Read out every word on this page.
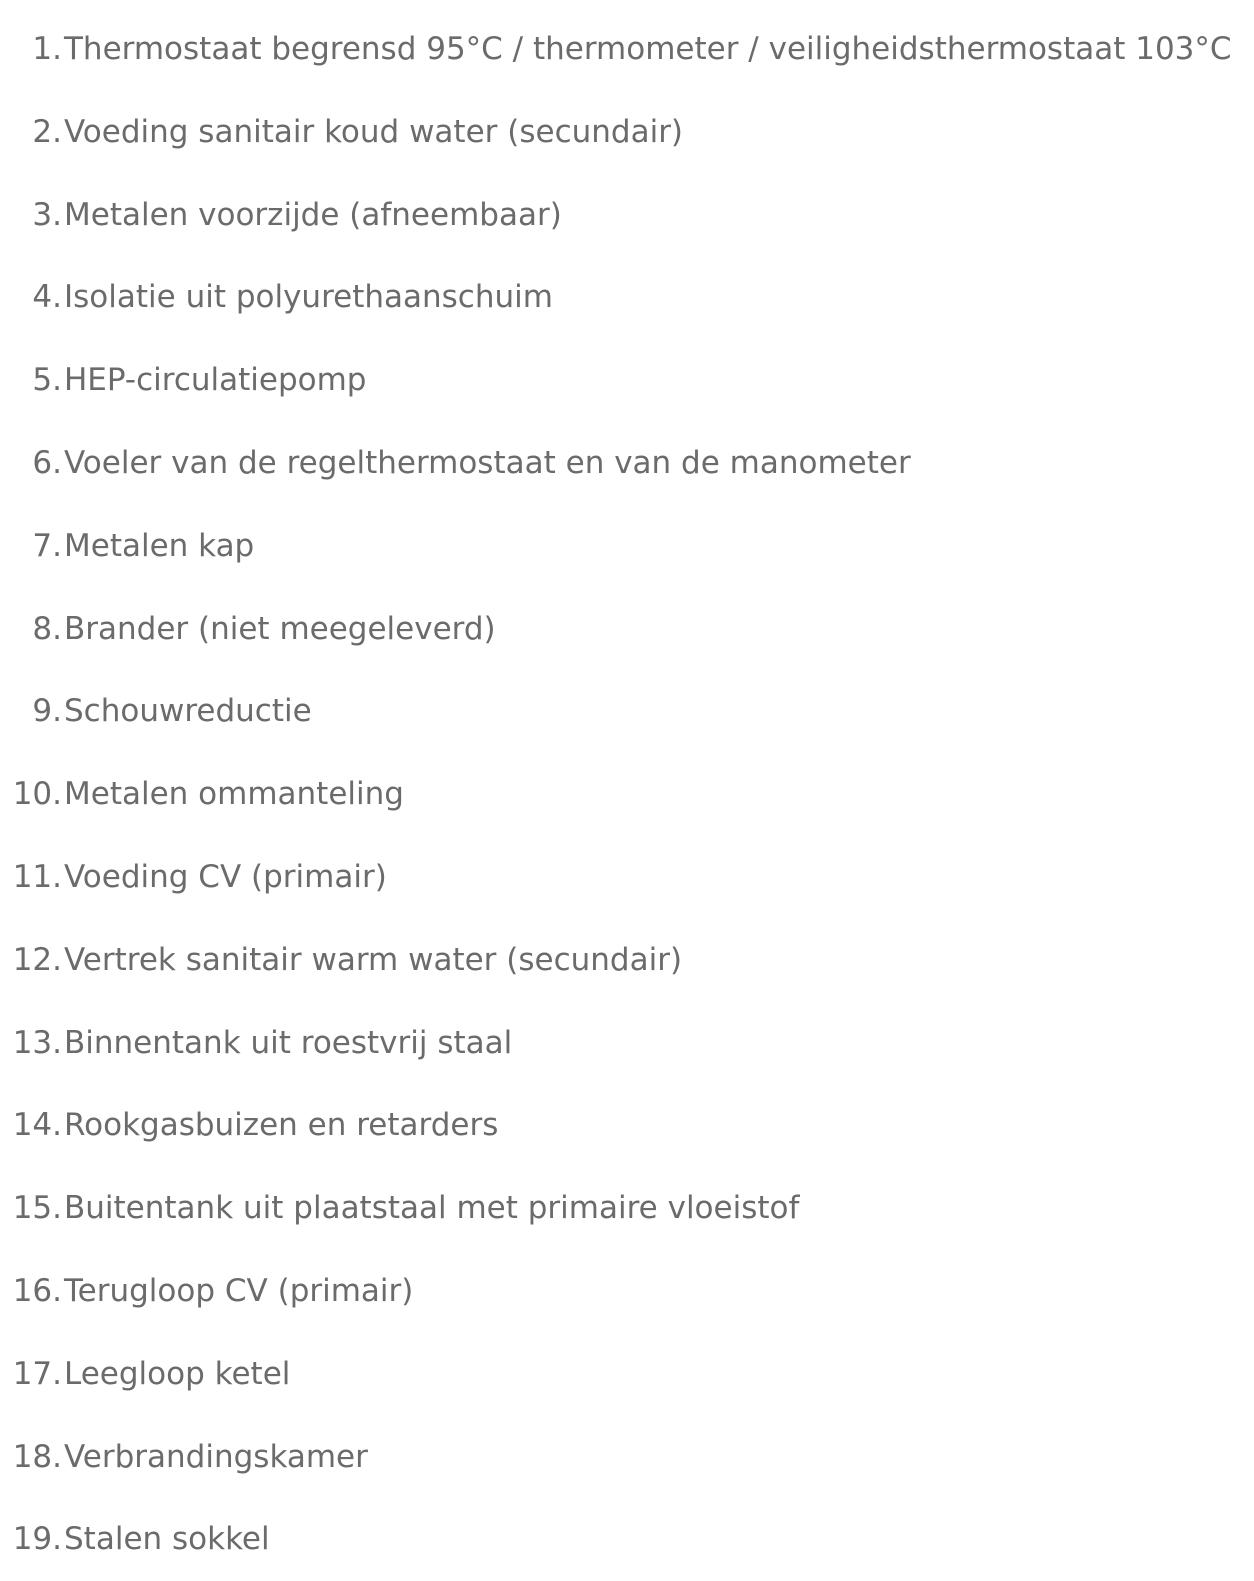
1. Thermostaat begrensd 95°C / thermometer / veiligheidsthermostaat 103°C
2. Voeding sanitair koud water (secundair)
3. Metalen voorzijde (afneembaar)
4. Isolatie uit polyurethaanschuim
5. HEP-circulatiepomp
6. Voeler van de regelthermostaat en van de manometer
7. Metalen kap
8. Brander (niet meegeleverd)
9. Schouwreductie
10. Metalen ommanteling
11. Voeding CV (primair)
12. Vertrek sanitair warm water (secundair)
13. Binnentank uit roestvrij staal
14. Rookgasbuizen en retarders
15. Buitentank uit plaatstaal met primaire vloeistof
16. Terugloop CV (primair)
17. Leegloop ketel
18. Verbrandingskamer
19. Stalen sokkel
